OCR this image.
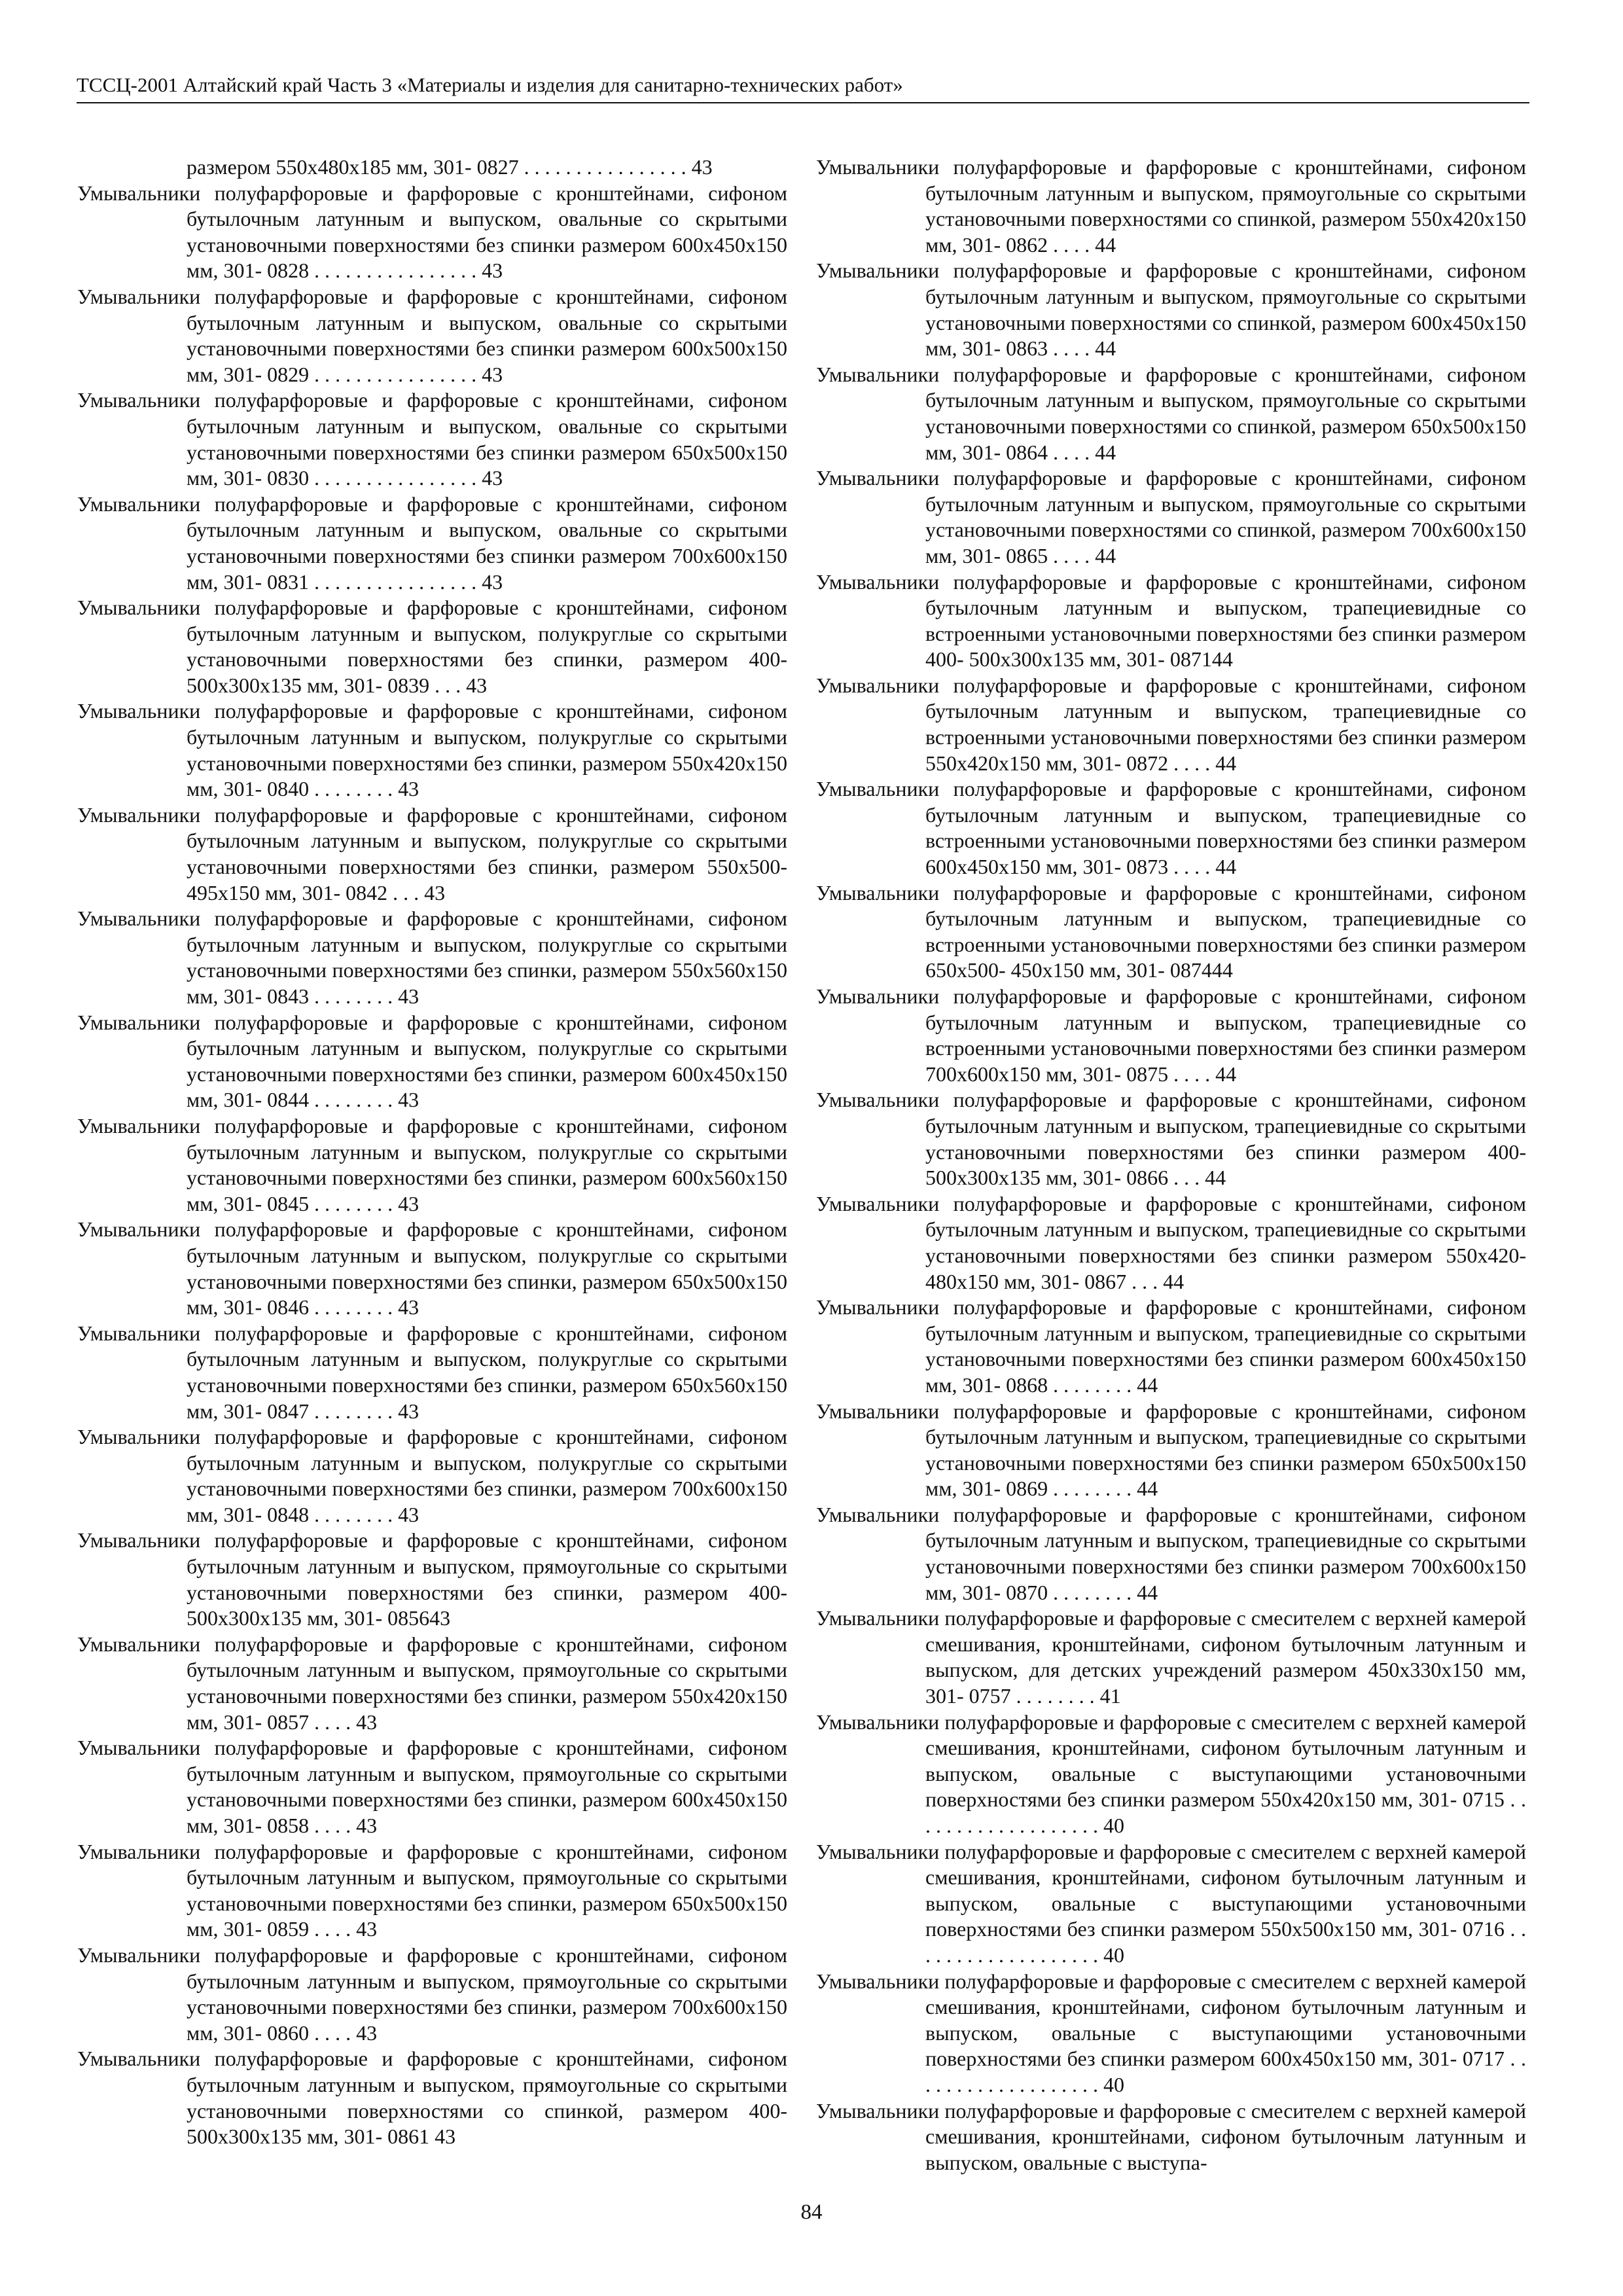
ТССЦ-2001 Алтайский край Часть 3 «Материалы и изделия для санитарно-технических работ»

размером 550х480х185 мм, 301- 0827 . . . . . . . . . . . . . . . . 43

Умывальники полуфарфоровые и фарфоровые с кронштейнами, сифоном бутылочным латунным и выпуском, овальные со скрытыми установочными поверхностями без спинки размером 600х450х150 мм, 301- 0828 . . . . . . . . . . . . . . . . 43

Умывальники полуфарфоровые и фарфоровые с кронштейнами, сифоном бутылочным латунным и выпуском, овальные со скрытыми установочными поверхностями без спинки размером 600х500х150 мм, 301- 0829 . . . . . . . . . . . . . . . . 43

Умывальники полуфарфоровые и фарфоровые с кронштейнами, сифоном бутылочным латунным и выпуском, овальные со скрытыми установочными поверхностями без спинки размером 650х500х150 мм, 301- 0830 . . . . . . . . . . . . . . . . 43

Умывальники полуфарфоровые и фарфоровые с кронштейнами, сифоном бутылочным латунным и выпуском, овальные со скрытыми установочными поверхностями без спинки размером 700х600х150 мм, 301- 0831 . . . . . . . . . . . . . . . . 43

Умывальники полуфарфоровые и фарфоровые с кронштейнами, сифоном бутылочным латунным и выпуском, полукруглые со скрытыми установочными поверхностями без спинки, размером 400- 500х300х135 мм, 301- 0839 . . . 43

Умывальники полуфарфоровые и фарфоровые с кронштейнами, сифоном бутылочным латунным и выпуском, полукруглые со скрытыми установочными поверхностями без спинки, размером 550х420х150 мм, 301- 0840 . . . . . . . . 43

Умывальники полуфарфоровые и фарфоровые с кронштейнами, сифоном бутылочным латунным и выпуском, полукруглые со скрытыми установочными поверхностями без спинки, размером 550х500- 495х150 мм, 301- 0842 . . . 43

Умывальники полуфарфоровые и фарфоровые с кронштейнами, сифоном бутылочным латунным и выпуском, полукруглые со скрытыми установочными поверхностями без спинки, размером 550х560х150 мм, 301- 0843 . . . . . . . . 43

Умывальники полуфарфоровые и фарфоровые с кронштейнами, сифоном бутылочным латунным и выпуском, полукруглые со скрытыми установочными поверхностями без спинки, размером 600х450х150 мм, 301- 0844 . . . . . . . . 43

Умывальники полуфарфоровые и фарфоровые с кронштейнами, сифоном бутылочным латунным и выпуском, полукруглые со скрытыми установочными поверхностями без спинки, размером 600х560х150 мм, 301- 0845 . . . . . . . . 43

Умывальники полуфарфоровые и фарфоровые с кронштейнами, сифоном бутылочным латунным и выпуском, полукруглые со скрытыми установочными поверхностями без спинки, размером 650х500х150 мм, 301- 0846 . . . . . . . . 43

Умывальники полуфарфоровые и фарфоровые с кронштейнами, сифоном бутылочным латунным и выпуском, полукруглые со скрытыми установочными поверхностями без спинки, размером 650х560х150 мм, 301- 0847 . . . . . . . . 43

Умывальники полуфарфоровые и фарфоровые с кронштейнами, сифоном бутылочным латунным и выпуском, полукруглые со скрытыми установочными поверхностями без спинки, размером 700х600х150 мм, 301- 0848 . . . . . . . . 43

Умывальники полуфарфоровые и фарфоровые с кронштейнами, сифоном бутылочным латунным и выпуском, прямоугольные со скрытыми установочными поверхностями без спинки, размером 400- 500х300х135 мм, 301- 085643

Умывальники полуфарфоровые и фарфоровые с кронштейнами, сифоном бутылочным латунным и выпуском, прямоугольные со скрытыми установочными поверхностями без спинки, размером 550х420х150 мм, 301- 0857 . . . . 43

Умывальники полуфарфоровые и фарфоровые с кронштейнами, сифоном бутылочным латунным и выпуском, прямоугольные со скрытыми установочными поверхностями без спинки, размером 600х450х150 мм, 301- 0858 . . . . 43

Умывальники полуфарфоровые и фарфоровые с кронштейнами, сифоном бутылочным латунным и выпуском, прямоугольные со скрытыми установочными поверхностями без спинки, размером 650х500х150 мм, 301- 0859 . . . . 43

Умывальники полуфарфоровые и фарфоровые с кронштейнами, сифоном бутылочным латунным и выпуском, прямоугольные со скрытыми установочными поверхностями без спинки, размером 700х600х150 мм, 301- 0860 . . . . 43

Умывальники полуфарфоровые и фарфоровые с кронштейнами, сифоном бутылочным латунным и выпуском, прямоугольные со скрытыми установочными поверхностями со спинкой, размером 400- 500х300х135 мм, 301- 0861 43

Умывальники полуфарфоровые и фарфоровые с кронштейнами, сифоном бутылочным латунным и выпуском, прямоугольные со скрытыми установочными поверхностями со спинкой, размером 550х420х150 мм, 301- 0862 . . . . 44

Умывальники полуфарфоровые и фарфоровые с кронштейнами, сифоном бутылочным латунным и выпуском, прямоугольные со скрытыми установочными поверхностями со спинкой, размером 600х450х150 мм, 301- 0863 . . . . 44

Умывальники полуфарфоровые и фарфоровые с кронштейнами, сифоном бутылочным латунным и выпуском, прямоугольные со скрытыми установочными поверхностями со спинкой, размером 650х500х150 мм, 301- 0864 . . . . 44

Умывальники полуфарфоровые и фарфоровые с кронштейнами, сифоном бутылочным латунным и выпуском, прямоугольные со скрытыми установочными поверхностями со спинкой, размером 700х600х150 мм, 301- 0865 . . . . 44

Умывальники полуфарфоровые и фарфоровые с кронштейнами, сифоном бутылочным латунным и выпуском, трапециевидные со встроенными установочными поверхностями без спинки размером 400- 500х300х135 мм, 301- 087144

Умывальники полуфарфоровые и фарфоровые с кронштейнами, сифоном бутылочным латунным и выпуском, трапециевидные со встроенными установочными поверхностями без спинки размером 550х420х150 мм, 301- 0872 . . . . 44

Умывальники полуфарфоровые и фарфоровые с кронштейнами, сифоном бутылочным латунным и выпуском, трапециевидные со встроенными установочными поверхностями без спинки размером 600х450х150 мм, 301- 0873 . . . . 44

Умывальники полуфарфоровые и фарфоровые с кронштейнами, сифоном бутылочным латунным и выпуском, трапециевидные со встроенными установочными поверхностями без спинки размером 650х500- 450х150 мм, 301- 087444

Умывальники полуфарфоровые и фарфоровые с кронштейнами, сифоном бутылочным латунным и выпуском, трапециевидные со встроенными установочными поверхностями без спинки размером 700х600х150 мм, 301- 0875 . . . . 44

Умывальники полуфарфоровые и фарфоровые с кронштейнами, сифоном бутылочным латунным и выпуском, трапециевидные со скрытыми установочными поверхностями без спинки размером 400- 500х300х135 мм, 301- 0866 . . . 44

Умывальники полуфарфоровые и фарфоровые с кронштейнами, сифоном бутылочным латунным и выпуском, трапециевидные со скрытыми установочными поверхностями без спинки размером 550х420- 480х150 мм, 301- 0867 . . . 44

Умывальники полуфарфоровые и фарфоровые с кронштейнами, сифоном бутылочным латунным и выпуском, трапециевидные со скрытыми установочными поверхностями без спинки размером 600х450х150 мм, 301- 0868 . . . . . . . . 44

Умывальники полуфарфоровые и фарфоровые с кронштейнами, сифоном бутылочным латунным и выпуском, трапециевидные со скрытыми установочными поверхностями без спинки размером 650х500х150 мм, 301- 0869 . . . . . . . . 44

Умывальники полуфарфоровые и фарфоровые с кронштейнами, сифоном бутылочным латунным и выпуском, трапециевидные со скрытыми установочными поверхностями без спинки размером 700х600х150 мм, 301- 0870 . . . . . . . . 44

Умывальники полуфарфоровые и фарфоровые с смесителем с верхней камерой смешивания, кронштейнами, сифоном бутылочным латунным и выпуском, для детских учреждений размером 450х330х150 мм, 301- 0757 . . . . . . . . 41

Умывальники полуфарфоровые и фарфоровые с смесителем с верхней камерой смешивания, кронштейнами, сифоном бутылочным латунным и выпуском, овальные с выступающими установочными поверхностями без спинки размером 550х420х150 мм, 301- 0715 . . . . . . . . . . . . . . . . . . . 40

Умывальники полуфарфоровые и фарфоровые с смесителем с верхней камерой смешивания, кронштейнами, сифоном бутылочным латунным и выпуском, овальные с выступающими установочными поверхностями без спинки размером 550х500х150 мм, 301- 0716 . . . . . . . . . . . . . . . . . . . 40

Умывальники полуфарфоровые и фарфоровые с смесителем с верхней камерой смешивания, кронштейнами, сифоном бутылочным латунным и выпуском, овальные с выступающими установочными поверхностями без спинки размером 600х450х150 мм, 301- 0717 . . . . . . . . . . . . . . . . . . . 40

Умывальники полуфарфоровые и фарфоровые с смесителем с верхней камерой смешивания, кронштейнами, сифоном бутылочным латунным и выпуском, овальные с выступа-

84
